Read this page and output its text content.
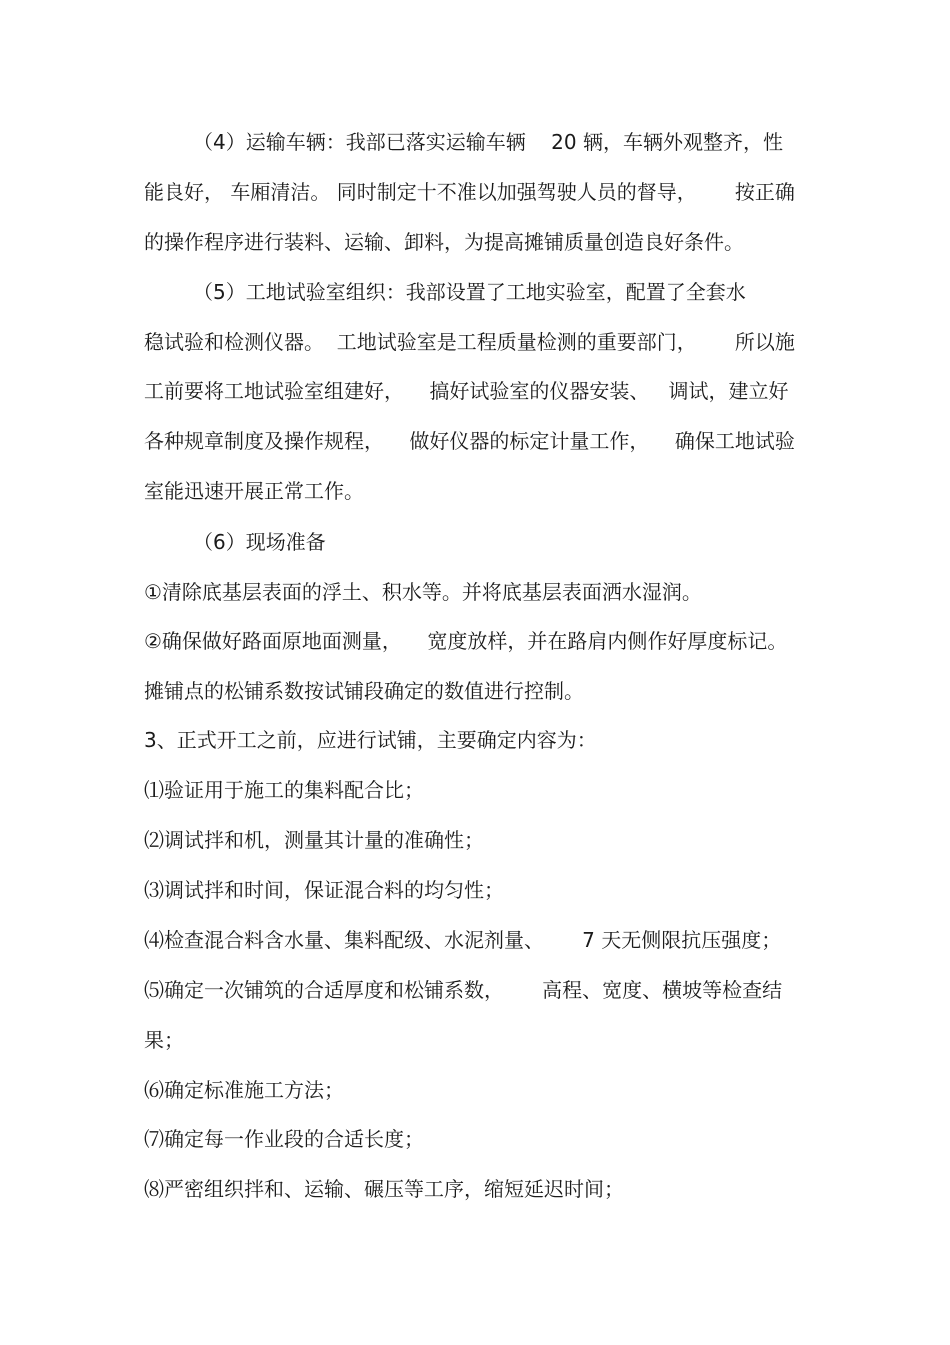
（4）运输车辆：我部已落实运输车辆    20 辆，车辆外观整齐，性
能良好， 车厢清洁。 同时制定十不准以加强驾驶人员的督导，      按正确
的操作程序进行装料、运输、卸料，为提高摊铺质量创造良好条件。
（5）工地试验室组织：我部设置了工地实验室，配置了全套水
稳试验和检测仪器。  工地试验室是工程质量检测的重要部门，      所以施
工前要将工地试验室组建好，    搞好试验室的仪器安装、   调试，建立好
各种规章制度及操作规程，    做好仪器的标定计量工作，    确保工地试验
室能迅速开展正常工作。
（6）现场准备
①清除底基层表面的浮土、积水等。并将底基层表面洒水湿润。
②确保做好路面原地面测量，    宽度放样，并在路肩内侧作好厚度标记。
摊铺点的松铺系数按试铺段确定的数值进行控制。
3、正式开工之前，应进行试铺，主要确定内容为：
⑴验证用于施工的集料配合比；
⑵调试拌和机，测量其计量的准确性；
⑶调试拌和时间，保证混合料的均匀性；
⑷检查混合料含水量、集料配级、水泥剂量、      7 天无侧限抗压强度；
⑸确定一次铺筑的合适厚度和松铺系数，      高程、宽度、横坡等检查结
果；
⑹确定标准施工方法；
⑺确定每一作业段的合适长度；
⑻严密组织拌和、运输、碾压等工序，缩短延迟时间；
